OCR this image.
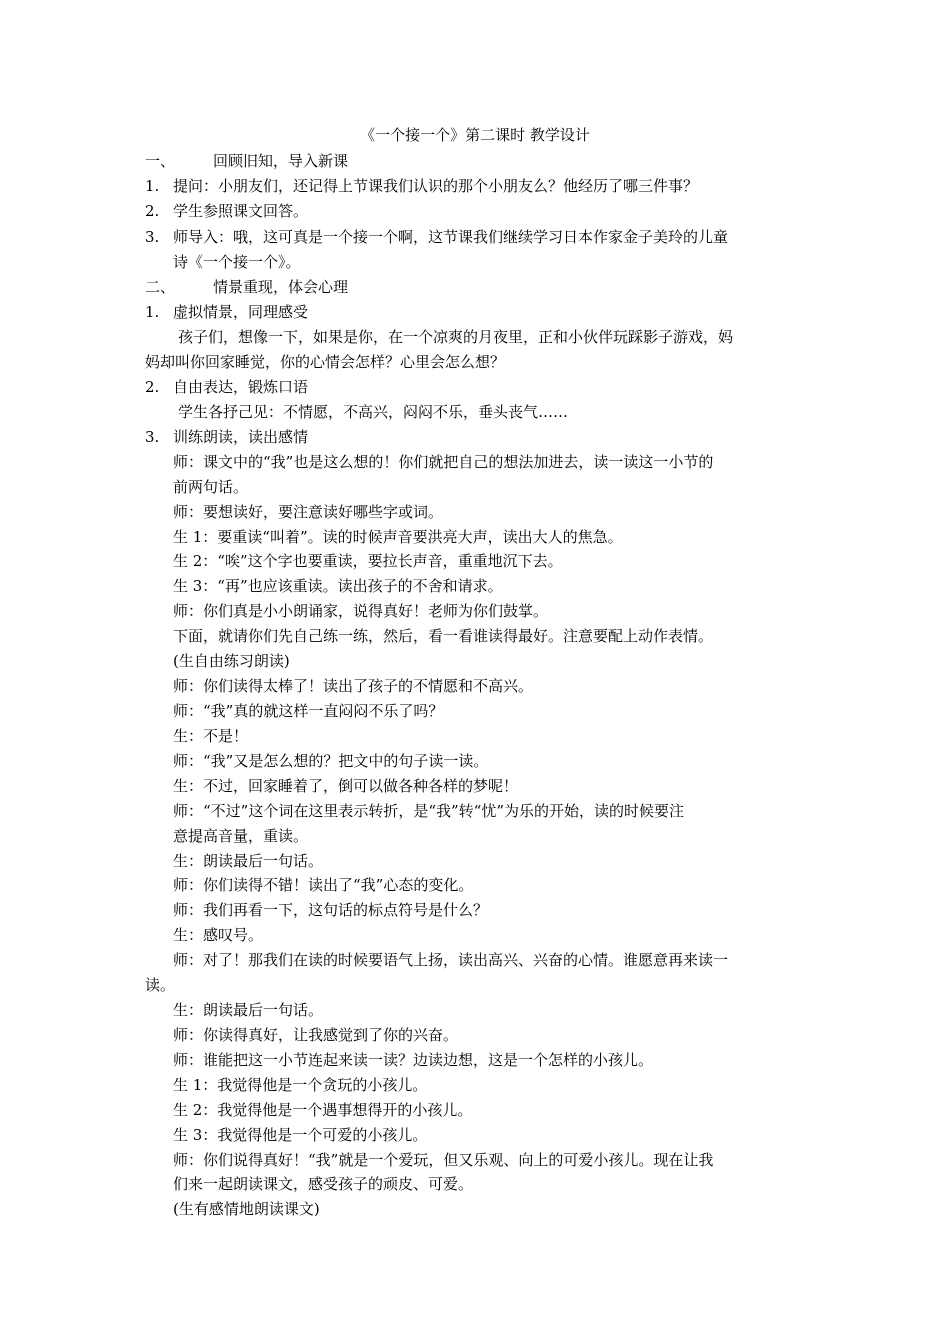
《一个接一个》第二课时 教学设计
一、	回顾旧知，导入新课
1. 提问：小朋友们，还记得上节课我们认识的那个小朋友么？他经历了哪三件事？
2. 学生参照课文回答。
3. 师导入：哦，这可真是一个接一个啊，这节课我们继续学习日本作家金子美玲的儿童
诗《一个接一个》。
二、	情景重现，体会心理
1. 虚拟情景，同理感受
孩子们，想像一下，如果是你，在一个凉爽的月夜里，正和小伙伴玩踩影子游戏，妈
妈却叫你回家睡觉，你的心情会怎样？心里会怎么想？
2. 自由表达，锻炼口语
学生各抒己见：不情愿，不高兴，闷闷不乐，垂头丧气……
3. 训练朗读，读出感情
师：课文中的“我”也是这么想的！你们就把自己的想法加进去，读一读这一小节的
前两句话。
师：要想读好，要注意读好哪些字或词。
生 1：要重读“叫着”。读的时候声音要洪亮大声，读出大人的焦急。
生 2：“唉”这个字也要重读，要拉长声音，重重地沉下去。
生 3：“再”也应该重读。读出孩子的不舍和请求。
师：你们真是小小朗诵家，说得真好！老师为你们鼓掌。
下面，就请你们先自己练一练，然后，看一看谁读得最好。注意要配上动作表情。
(生自由练习朗读)
师：你们读得太棒了！读出了孩子的不情愿和不高兴。
师：“我”真的就这样一直闷闷不乐了吗？
生：不是！
师：“我”又是怎么想的？把文中的句子读一读。
生：不过，回家睡着了，倒可以做各种各样的梦呢！
师：“不过”这个词在这里表示转折，是“我”转“忧”为乐的开始，读的时候要注
意提高音量，重读。
生：朗读最后一句话。
师：你们读得不错！读出了“我”心态的变化。
师：我们再看一下，这句话的标点符号是什么？
生：感叹号。
师：对了！那我们在读的时候要语气上扬，读出高兴、兴奋的心情。谁愿意再来读一
读。
生：朗读最后一句话。
师：你读得真好，让我感觉到了你的兴奋。
师：谁能把这一小节连起来读一读？边读边想，这是一个怎样的小孩儿。
生 1：我觉得他是一个贪玩的小孩儿。
生 2：我觉得他是一个遇事想得开的小孩儿。
生 3：我觉得他是一个可爱的小孩儿。
师：你们说得真好！“我”就是一个爱玩，但又乐观、向上的可爱小孩儿。现在让我
们来一起朗读课文，感受孩子的顽皮、可爱。
(生有感情地朗读课文)
